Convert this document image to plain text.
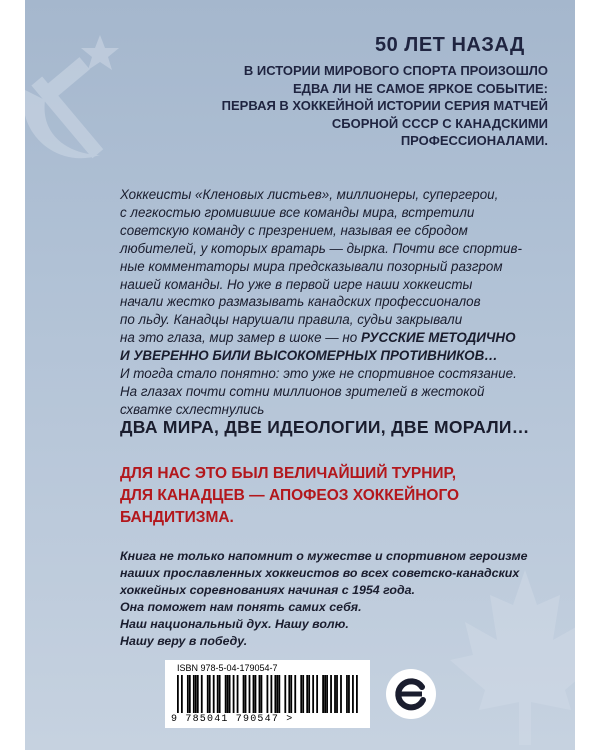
50 ЛЕТ НАЗАД
В ИСТОРИИ МИРОВОГО СПОРТА ПРОИЗОШЛО
ЕДВА ЛИ НЕ САМОЕ ЯРКОЕ СОБЫТИЕ:
ПЕРВАЯ В ХОККЕЙНОЙ ИСТОРИИ СЕРИЯ МАТЧЕЙ
СБОРНОЙ СССР С КАНАДСКИМИ
ПРОФЕССИОНАЛАМИ.
Хоккеисты «Кленовых листьев», миллионеры, супергерои,
с легкостью громившие все команды мира, встретили
советскую команду с презрением, называя ее сбродом
любителей, у которых вратарь — дырка. Почти все спортив-
ные комментаторы мира предсказывали позорный разгром
нашей команды. Но уже в первой игре наши хоккеисты
начали жестко размазывать канадских профессионалов
по льду. Канадцы нарушали правила, судьи закрывали
на это глаза, мир замер в шоке — но РУССКИЕ МЕТОДИЧНО
И УВЕРЕННО БИЛИ ВЫСОКОМЕРНЫХ ПРОТИВНИКОВ…
И тогда стало понятно: это уже не спортивное состязание.
На глазах почти сотни миллионов зрителей в жестокой
схватке схлестнулись
ДВА МИРА, ДВЕ ИДЕОЛОГИИ, ДВЕ МОРАЛИ…
ДЛЯ НАС ЭТО БЫЛ ВЕЛИЧАЙШИЙ ТУРНИР,
ДЛЯ КАНАДЦЕВ — АПОФЕОЗ ХОККЕЙНОГО
БАНДИТИЗМА.
Книга не только напомнит о мужестве и спортивном героизме
наших прославленных хоккеистов во всех советско-канадских
хоккейных соревнованиях начиная с 1954 года.
Она поможет нам понять самих себя.
Наш национальный дух. Нашу волю.
Нашу веру в победу.
ISBN 978-5-04-179054-7
9 785041 790547 >
